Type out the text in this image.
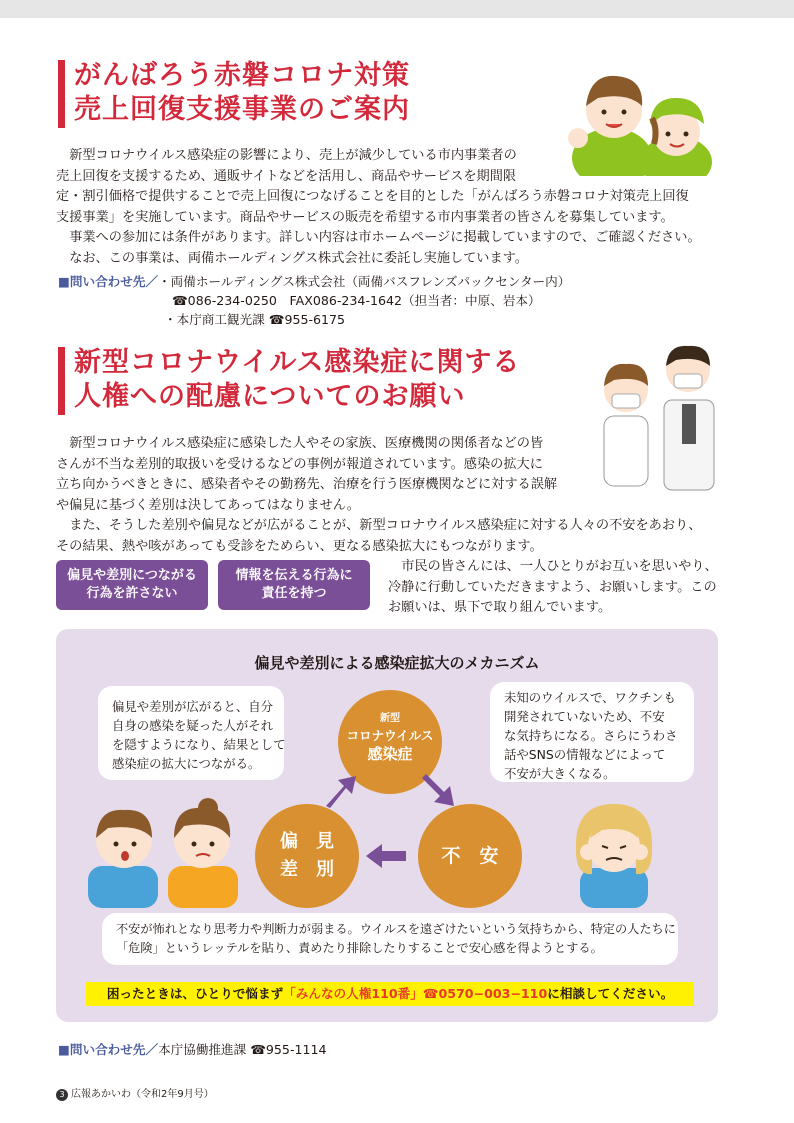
がんばろう赤磐コロナ対策
売上回復支援事業のご案内

新型コロナウイルス感染症の影響により、売上が減少している市内事業者の

売上回復を支援するため、通販サイトなどを活用し、商品やサービスを期間限

定・割引価格で提供することで売上回復につなげることを目的とした「がんばろう赤磐コロナ対策売上回復

支援事業」を実施しています。商品やサービスの販売を希望する市内事業者の皆さんを募集しています。

事業への参加には条件があります。詳しい内容は市ホームページに掲載していますので、ご確認ください。

なお、この事業は、両備ホールディングス株式会社に委託し実施しています。

■問い合わせ先／・両備ホールディングス株式会社（両備バスフレンズパックセンター内）
☎086-234-0250　FAX086-234-1642（担当者：中原、岩本）
・本庁商工観光課 ☎955-6175
新型コロナウイルス感染症に関する
人権への配慮についてのお願い

新型コロナウイルス感染症に感染した人やその家族、医療機関の関係者などの皆

さんが不当な差別的取扱いを受けるなどの事例が報道されています。感染の拡大に

立ち向かうべきときに、感染者やその勤務先、治療を行う医療機関などに対する誤解

や偏見に基づく差別は決してあってはなりません。

また、そうした差別や偏見などが広がることが、新型コロナウイルス感染症に対する人々の不安をあおり、

その結果、熱や咳があっても受診をためらい、更なる感染拡大にもつながります。

偏見や差別につながる
行為を許さない
情報を伝える行為に
責任を持つ

市民の皆さんには、一人ひとりがお互いを思いやり、

冷静に行動していただきますよう、お願いします。この

お願いは、県下で取り組んでいます。

偏見や差別による感染症拡大のメカニズム
偏見や差別が広がると、自分
自身の感染を疑った人がそれ
を隠すようになり、結果として
感染症の拡大につながる。
未知のウイルスで、ワクチンも
開発されていないため、不安
な気持ちになる。さらにうわさ
話やSNSの情報などによって
不安が大きくなる。
新型
コロナウイルス
感染症
偏　見
差　別
不　安
不安が怖れとなり思考力や判断力が弱まる。ウイルスを遠ざけたいという気持ちから、特定の人たちに
「危険」というレッテルを貼り、責めたり排除したりすることで安心感を得ようとする。
困ったときは、ひとりで悩まず「みんなの人権110番」☎0570−003−110に相談してください。
■問い合わせ先／本庁協働推進課 ☎955-1114
3 広報あかいわ（令和2年9月号）
